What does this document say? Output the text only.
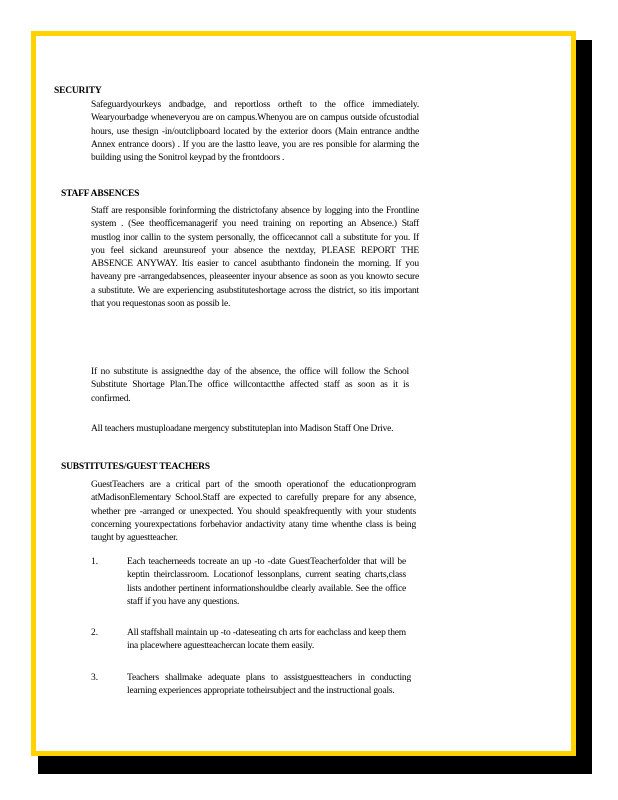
SECURITY
Safeguardyourkeys andbadge, and reportloss ortheft to the office immediately. Wearyourbadge wheneveryou are on campus.Whenyou are on campus outside ofcustodial hours, use thesign -in/outclipboard located by the exterior doors (Main entrance andthe Annex entrance doors) . If you are the lastto leave, you are res ponsible for alarming the building using the Sonitrol keypad by the frontdoors .
STAFF ABSENCES
Staff are responsible forinforming the districtofany absence by logging into the Frontline system . (See theofficemanagerif you need training on reporting an Absence.) Staff mustlog inor callin to the system personally, the officecannot call a substitute for you. If you feel sickand areunsureof your absence the nextday, PLEASE REPORT THE ABSENCE ANYWAY. Itis easier to cancel asubthanto findonein the morning. If you haveany pre -arrangedabsences, pleaseenter inyour absence as soon as you knowto secure a substitute. We are experiencing asubstituteshortage across the district, so itis important that you requestonas soon as possib le.
If no substitute is assignedthe day of the absence, the office will follow the School Substitute Shortage Plan.The office willcontactthe affected staff as soon as it is confirmed.
All teachers mustuploadane mergency substituteplan into Madison Staff One Drive.
SUBSTITUTES/GUEST TEACHERS
GuestTeachers are a critical part of the smooth operationof the educationprogram atMadisonElementary School.Staff are expected to carefully prepare for any absence, whether pre -arranged or unexpected. You should speakfrequently with your students concerning yourexpectations forbehavior andactivity atany time whenthe class is being taught by aguestteacher.
1.	Each teacherneeds tocreate an up -to -date GuestTeacherfolder that will be keptin theirclassroom. Locationof lessonplans, current seating charts,class lists andother pertinent informationshouldbe clearly available. See the office staff if you have any questions.
2.	All staffshall maintain up -to -dateseating ch arts for eachclass and keep them ina placewhere aguestteachercan locate them easily.
3.	Teachers shallmake adequate plans to assistguestteachers in conducting learning experiences appropriate totheirsubject and the instructional goals.
